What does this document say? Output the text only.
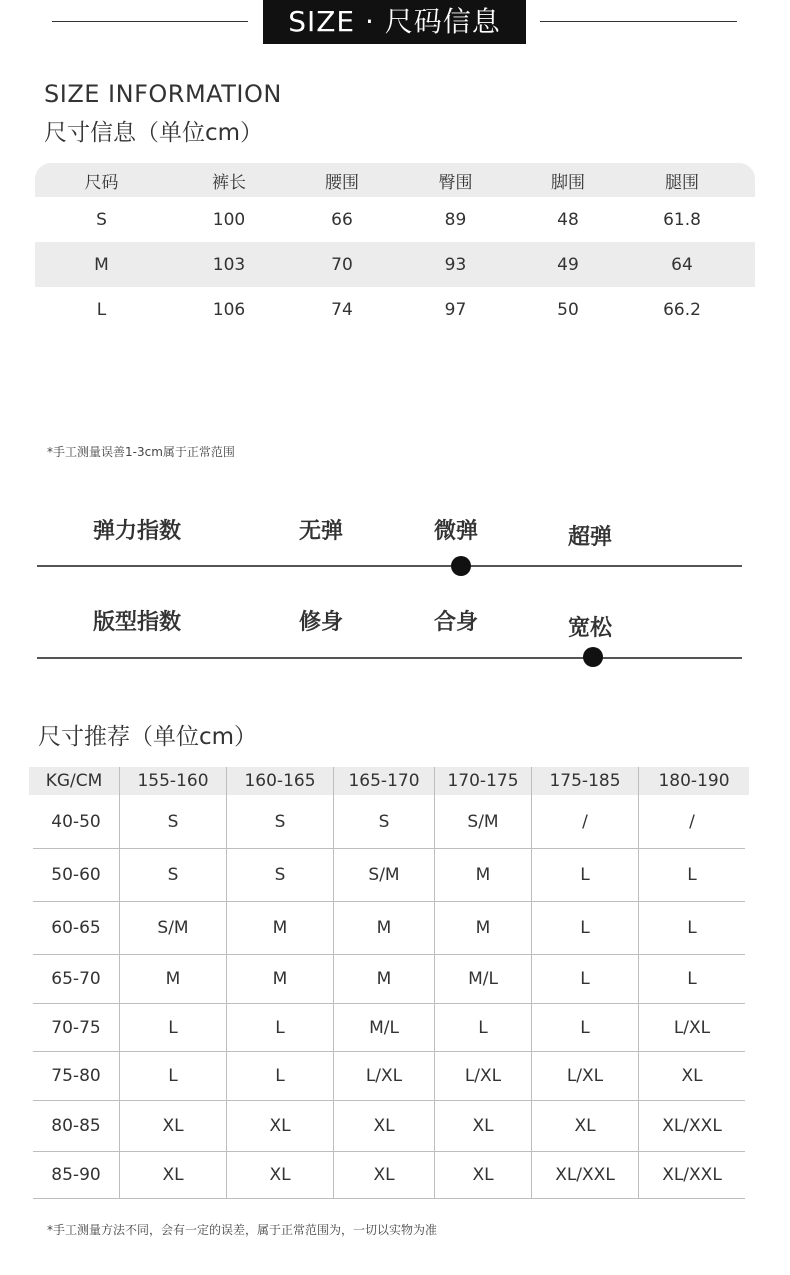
SIZE · 尺码信息
SIZE INFORMATION
尺寸信息（单位cm）
尺码	裤长	腰围	臀围	脚围	腿围
S	100	66	89	48	61.8
M	103	70	93	49	64
L	106	74	97	50	66.2
*手工测量误善1-3cm属于正常范围
弹力指数	无弹	微弹	超弹
版型指数	修身	合身	宽松
尺寸推荐（单位cm）
KG/CM	155-160	160-165	165-170	170-175	175-185	180-190
40-50	S	S	S	S/M	/	/
50-60	S	S	S/M	M	L	L
60-65	S/M	M	M	M	L	L
65-70	M	M	M	M/L	L	L
70-75	L	L	M/L	L	L	L/XL
75-80	L	L	L/XL	L/XL	L/XL	XL
80-85	XL	XL	XL	XL	XL	XL/XXL
85-90	XL	XL	XL	XL	XL/XXL	XL/XXL
*手工测量方法不同，会有一定的误差，属于正常范围为，一切以实物为准
